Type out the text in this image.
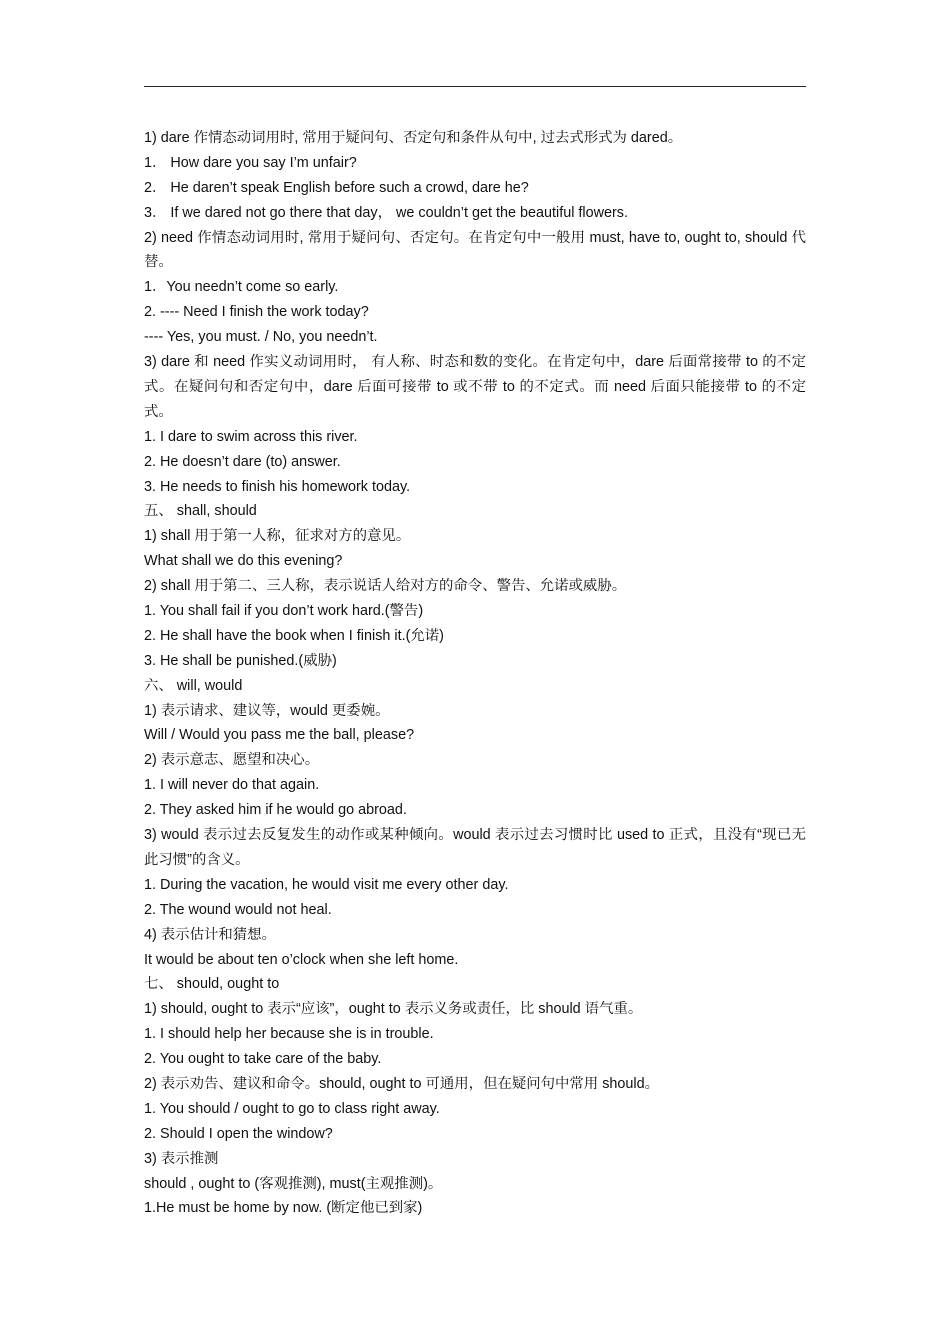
1) dare 作情态动词用时, 常用于疑问句、否定句和条件从句中, 过去式形式为 dared。
1． How dare you say I’m unfair?
2． He daren’t speak English before such a crowd, dare he?
3． If we dared not go there that day， we couldn’t get the beautiful flowers.
2) need 作情态动词用时, 常用于疑问句、否定句。在肯定句中一般用 must, have to, ought to, should 代替。
1．You needn’t come so early.
2. ---- Need I finish the work today?
---- Yes, you must. / No, you needn’t.
3) dare 和 need 作实义动词用时， 有人称、时态和数的变化。在肯定句中，dare 后面常接带 to 的不定式。在疑问句和否定句中，dare 后面可接带 to 或不带 to 的不定式。而 need 后面只能接带 to 的不定式。
1. I dare to swim across this river.
2. He doesn’t dare (to) answer.
3. He needs to finish his homework today.
五、 shall, should
1) shall 用于第一人称，征求对方的意见。
What shall we do this evening?
2) shall 用于第二、三人称，表示说话人给对方的命令、警告、允诺或威胁。
1. You shall fail if you don’t work hard.(警告)
2. He shall have the book when I finish it.(允诺)
3. He shall be punished.(威胁)
六、 will, would
1) 表示请求、建议等，would 更委婉。
Will / Would you pass me the ball, please?
2) 表示意志、愿望和决心。
1. I will never do that again.
2. They asked him if he would go abroad.
3) would 表示过去反复发生的动作或某种倾向。would 表示过去习惯时比 used to 正式，且没有“现已无此习惯”的含义。
1. During the vacation, he would visit me every other day.
2. The wound would not heal.
4) 表示估计和猜想。
It would be about ten o’clock when she left home.
七、 should, ought to
1) should, ought to 表示“应该”，ought to 表示义务或责任，比 should 语气重。
1. I should help her because she is in trouble.
2. You ought to take care of the baby.
2) 表示劝告、建议和命令。should, ought to 可通用，但在疑问句中常用 should。
1. You should / ought to go to class right away.
2. Should I open the window?
3) 表示推测
should , ought to (客观推测), must(主观推测)。
1.He must be home by now. (断定他已到家)
